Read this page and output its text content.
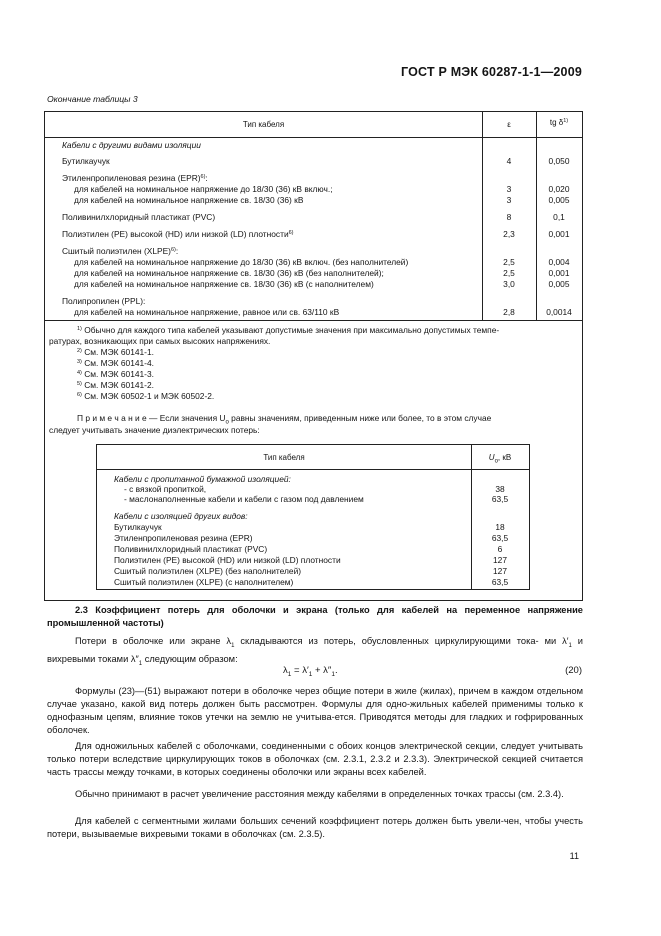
ГОСТ Р МЭК 60287-1-1—2009
Окончание таблицы 3
Тип кабеля	ε	tg $\delta^{1)}$
Кабели с другими видами изоляции
Бутилкаучук	4	0,050
Этиленпропиленовая резина (EPR)$^{6)}$:
для кабелей на номинальное напряжение до 18/30 (36) кВ включ.;	3	0,020
для кабелей на номинальное напряжение св. 18/30 (36) кВ	3	0,005
Поливинилхлоридный пластикат (PVC)	8	0,1
Полиэтилен (PE) высокой (HD) или низкой (LD) плотности$^{6)}$	2,3	0,001
Сшитый полиэтилен (XLPE)$^{6)}$:
для кабелей на номинальное напряжение до 18/30 (36) кВ включ. (без наполнителей)	2,5	0,004
для кабелей на номинальное напряжение св. 18/30 (36) кВ (без наполнителей);	2,5	0,001
для кабелей на номинальное напряжение св. 18/30 (36) кВ (с наполнителем)	3,0	0,005
Полипропилен (PPL):
для кабелей на номинальное напряжение, равное или св. 63/110 кВ	2,8	0,0014
$^{1)}$ Обычно для каждого типа кабелей указывают допустимые значения при максимально допустимых темпе-
ратурах, возникающих при самых высоких напряжениях.
$^{2)}$ См. МЭК 60141-1.
$^{3)}$ См. МЭК 60141-4.
$^{4)}$ См. МЭК 60141-3.
$^{5)}$ См. МЭК 60141-2.
$^{6)}$ См. МЭК 60502-1 и МЭК 60502-2.
П р и м е ч а н и е — Если значения $U_о$ равны значениям, приведенным ниже или более, то в этом случае
следует учитывать значение диэлектрических потерь:
Тип кабеля	$U_о$, кВ
Кабели с пропитанной бумажной изоляцией:
- с вязкой пропиткой,	38
- маслонаполненные кабели и кабели с газом под давлением	63,5
Кабели с изоляцией других видов:
Бутилкаучук	18
Этиленпропиленовая резина (EPR)	63,5
Поливинилхлоридный пластикат (PVC)	6
Полиэтилен (PE) высокой (HD) или низкой (LD) плотности	127
Сшитый полиэтилен (XLPE) (без наполнителей)	127
Сшитый полиэтилен (XLPE) (с наполнителем)	63,5
2.3 Коэффициент потерь для оболочки и экрана (только для кабелей на переменное напряжение промышленной частоты)
Потери в оболочке или экране $\lambda_1$ складываются из потерь, обусловленных циркулирующими тока- ми $\lambda'_1$ и вихревыми токами $\lambda''_1$ следующим образом:
$\lambda_1 = \lambda'_1 + \lambda''_1$.	(20)
Формулы (23)—(51) выражают потери в оболочке через общие потери в жиле (жилах), причем в каждом отдельном случае указано, какой вид потерь должен быть рассмотрен. Формулы для одно-жильных кабелей применимы только к однофазным цепям, влияние токов утечки на землю не учитыва-ется. Приводятся методы для гладких и гофрированных оболочек.
Для одножильных кабелей с оболочками, соединенными с обоих концов электрической секции, следует учитывать только потери вследствие циркулирующих токов в оболочках (см. 2.3.1, 2.3.2 и 2.3.3). Электрической секцией считается часть трассы между точками, в которых соединены оболочки или экраны всех кабелей.
Обычно принимают в расчет увеличение расстояния между кабелями в определенных точках трассы (см. 2.3.4).
Для кабелей с сегментными жилами больших сечений коэффициент потерь должен быть увели-чен, чтобы учесть потери, вызываемые вихревыми токами в оболочках (см. 2.3.5).
11
